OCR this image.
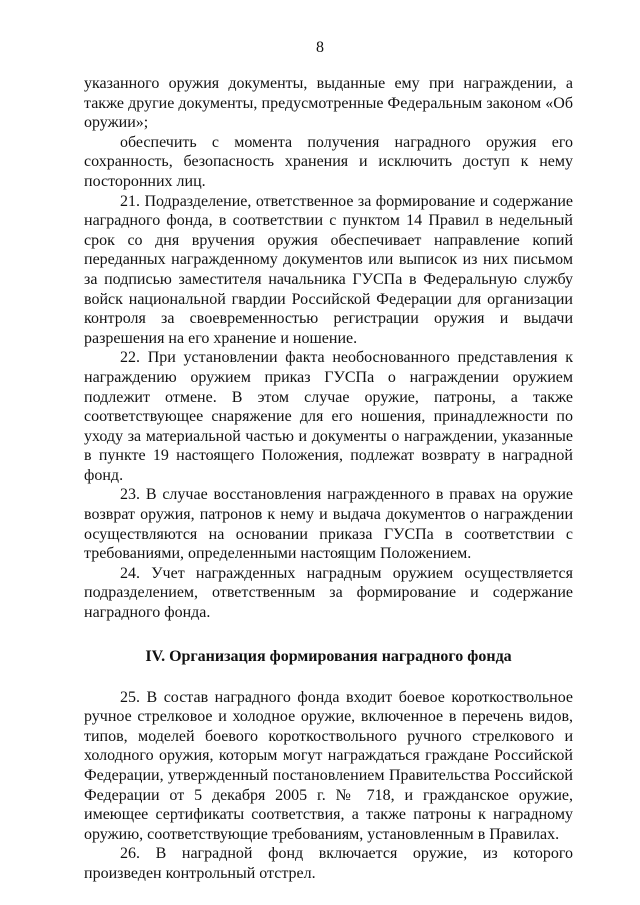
8

указанного оружия документы, выданные ему при награждении, а также другие документы, предусмотренные Федеральным законом «Об оружии»;

обеспечить с момента получения наградного оружия его сохранность, безопасность хранения и исключить доступ к нему посторонних лиц.

21. Подразделение, ответственное за формирование и содержание наградного фонда, в соответствии с пунктом 14 Правил в недельный срок со дня вручения оружия обеспечивает направление копий переданных награжденному документов или выписок из них письмом за подписью заместителя начальника ГУСПа в Федеральную службу войск национальной гвардии Российской Федерации для организации контроля за своевременностью регистрации оружия и выдачи разрешения на его хранение и ношение.

22. При установлении факта необоснованного представления к награждению оружием приказ ГУСПа о награждении оружием подлежит отмене. В этом случае оружие, патроны, а также соответствующее снаряжение для его ношения, принадлежности по уходу за материальной частью и документы о награждении, указанные в пункте 19 настоящего Положения, подлежат возврату в наградной фонд.

23. В случае восстановления награжденного в правах на оружие возврат оружия, патронов к нему и выдача документов о награждении осуществляются на основании приказа ГУСПа в соответствии с требованиями, определенными настоящим Положением.

24. Учет награжденных наградным оружием осуществляется подразделением, ответственным за формирование и содержание наградного фонда.

IV. Организация формирования наградного фонда

25. В состав наградного фонда входит боевое короткоствольное ручное стрелковое и холодное оружие, включенное в перечень видов, типов, моделей боевого короткоствольного ручного стрелкового и холодного оружия, которым могут награждаться граждане Российской Федерации, утвержденный постановлением Правительства Российской Федерации от 5 декабря 2005 г. № 718, и гражданское оружие, имеющее сертификаты соответствия, а также патроны к наградному оружию, соответствующие требованиям, установленным в Правилах.

26. В наградной фонд включается оружие, из которого произведен контрольный отстрел.
